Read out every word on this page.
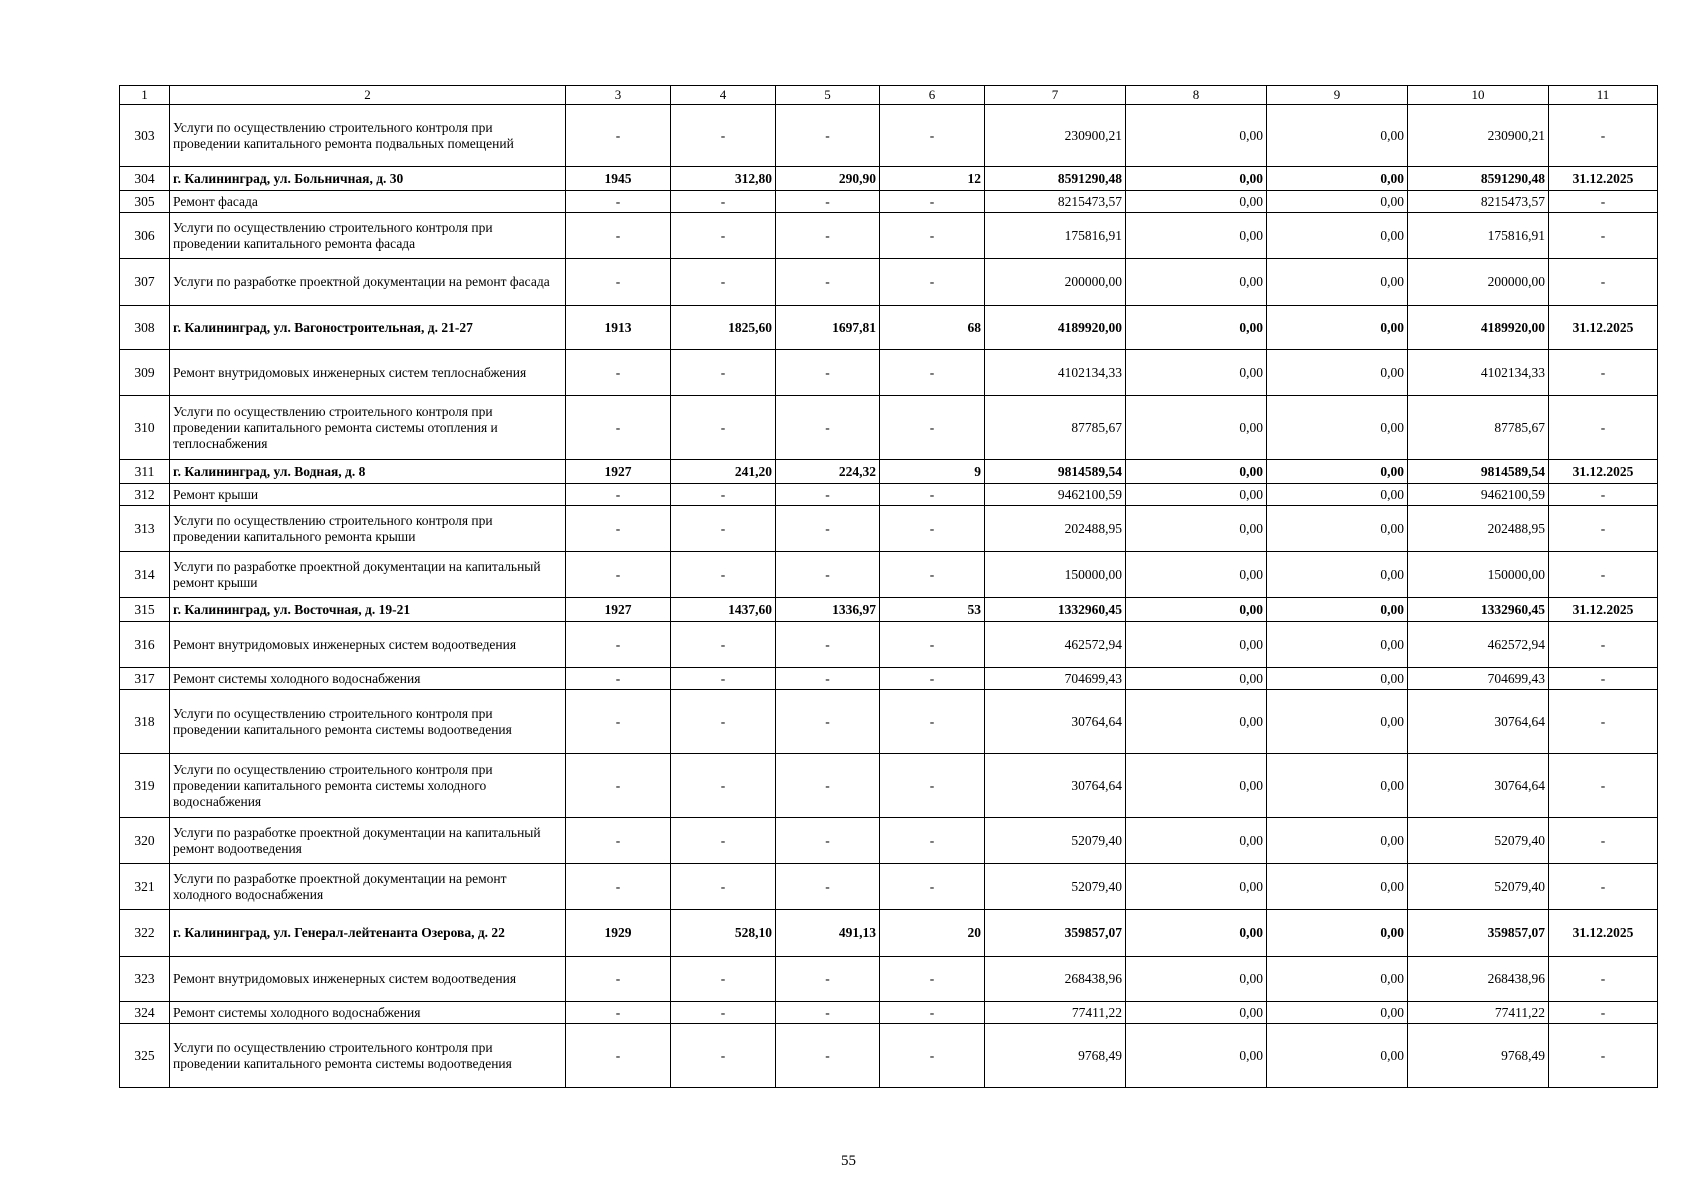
1	2	3	4	5	6	7	8	9	10	11
303	Услуги по осуществлению строительного контроля при проведении капитального ремонта подвальных помещений	-	-	-	-	230900,21	0,00	0,00	230900,21	-
304	г. Калининград, ул. Больничная, д. 30	1945	312,80	290,90	12	8591290,48	0,00	0,00	8591290,48	31.12.2025
305	Ремонт фасада	-	-	-	-	8215473,57	0,00	0,00	8215473,57	-
306	Услуги по осуществлению строительного контроля при проведении капитального ремонта фасада	-	-	-	-	175816,91	0,00	0,00	175816,91	-
307	Услуги по разработке проектной документации на ремонт фасада	-	-	-	-	200000,00	0,00	0,00	200000,00	-
308	г. Калининград, ул. Вагоностроительная, д. 21-27	1913	1825,60	1697,81	68	4189920,00	0,00	0,00	4189920,00	31.12.2025
309	Ремонт внутридомовых инженерных систем теплоснабжения	-	-	-	-	4102134,33	0,00	0,00	4102134,33	-
310	Услуги по осуществлению строительного контроля при проведении капитального ремонта системы отопления и теплоснабжения	-	-	-	-	87785,67	0,00	0,00	87785,67	-
311	г. Калининград, ул. Водная, д. 8	1927	241,20	224,32	9	9814589,54	0,00	0,00	9814589,54	31.12.2025
312	Ремонт крыши	-	-	-	-	9462100,59	0,00	0,00	9462100,59	-
313	Услуги по осуществлению строительного контроля при проведении капитального ремонта крыши	-	-	-	-	202488,95	0,00	0,00	202488,95	-
314	Услуги по разработке проектной документации на капитальный ремонт крыши	-	-	-	-	150000,00	0,00	0,00	150000,00	-
315	г. Калининград, ул. Восточная, д. 19-21	1927	1437,60	1336,97	53	1332960,45	0,00	0,00	1332960,45	31.12.2025
316	Ремонт внутридомовых инженерных систем водоотведения	-	-	-	-	462572,94	0,00	0,00	462572,94	-
317	Ремонт системы холодного водоснабжения	-	-	-	-	704699,43	0,00	0,00	704699,43	-
318	Услуги по осуществлению строительного контроля при проведении капитального ремонта системы водоотведения	-	-	-	-	30764,64	0,00	0,00	30764,64	-
319	Услуги по осуществлению строительного контроля при проведении капитального ремонта системы холодного водоснабжения	-	-	-	-	30764,64	0,00	0,00	30764,64	-
320	Услуги по разработке проектной документации на капитальный ремонт водоотведения	-	-	-	-	52079,40	0,00	0,00	52079,40	-
321	Услуги по разработке проектной документации на ремонт холодного водоснабжения	-	-	-	-	52079,40	0,00	0,00	52079,40	-
322	г. Калининград, ул. Генерал-лейтенанта Озерова, д. 22	1929	528,10	491,13	20	359857,07	0,00	0,00	359857,07	31.12.2025
323	Ремонт внутридомовых инженерных систем водоотведения	-	-	-	-	268438,96	0,00	0,00	268438,96	-
324	Ремонт системы холодного водоснабжения	-	-	-	-	77411,22	0,00	0,00	77411,22	-
325	Услуги по осуществлению строительного контроля при проведении капитального ремонта системы водоотведения	-	-	-	-	9768,49	0,00	0,00	9768,49	-
55
